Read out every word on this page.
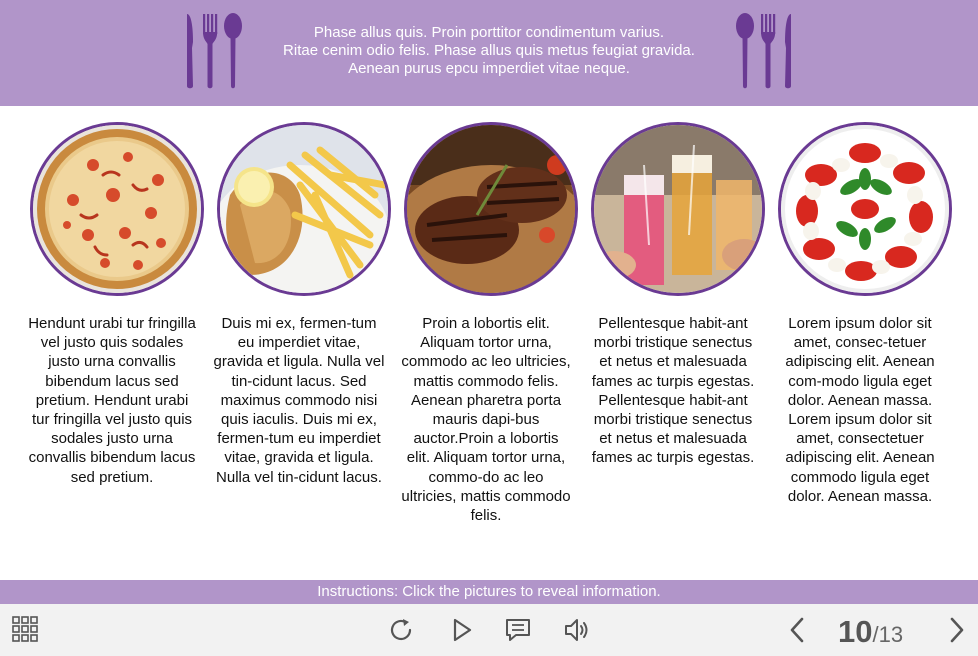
Phase allus quis. Proin porttitor condimentum varius.
Ritae cenim odio felis. Phase allus quis metus feugiat gravida.
Aenean purus epcu imperdiet vitae neque.
Hendunt urabi tur fringilla vel justo quis sodales justo urna convallis bibendum lacus sed pretium. Hendunt urabi tur fringilla vel justo quis sodales justo urna convallis bibendum lacus sed pretium.
Duis mi ex, fermen-tum eu imperdiet vitae, gravida et ligula. Nulla vel tin-cidunt lacus. Sed maximus commodo nisi quis iaculis. Duis mi ex, fermen-tum eu imperdiet vitae, gravida et ligula. Nulla vel tin-cidunt lacus.
Proin a lobortis elit. Aliquam tortor urna, commodo ac leo ultricies, mattis commodo felis. Aenean pharetra porta mauris dapi-bus auctor.Proin a lobortis elit. Aliquam tortor urna, commo-do ac leo ultricies, mattis commodo felis.
Pellentesque habit-ant morbi tristique senectus et netus et malesuada fames ac turpis egestas. Pellentesque habit-ant morbi tristique senectus et netus et malesuada fames ac turpis egestas.
Lorem ipsum dolor sit amet, consec-tetuer adipiscing elit. Aenean com-modo ligula eget dolor. Aenean massa. Lorem ipsum dolor sit amet, consectetuer adipiscing elit. Aenean commodo ligula eget dolor. Aenean massa.
Instructions: Click the pictures to reveal information.
10/13
